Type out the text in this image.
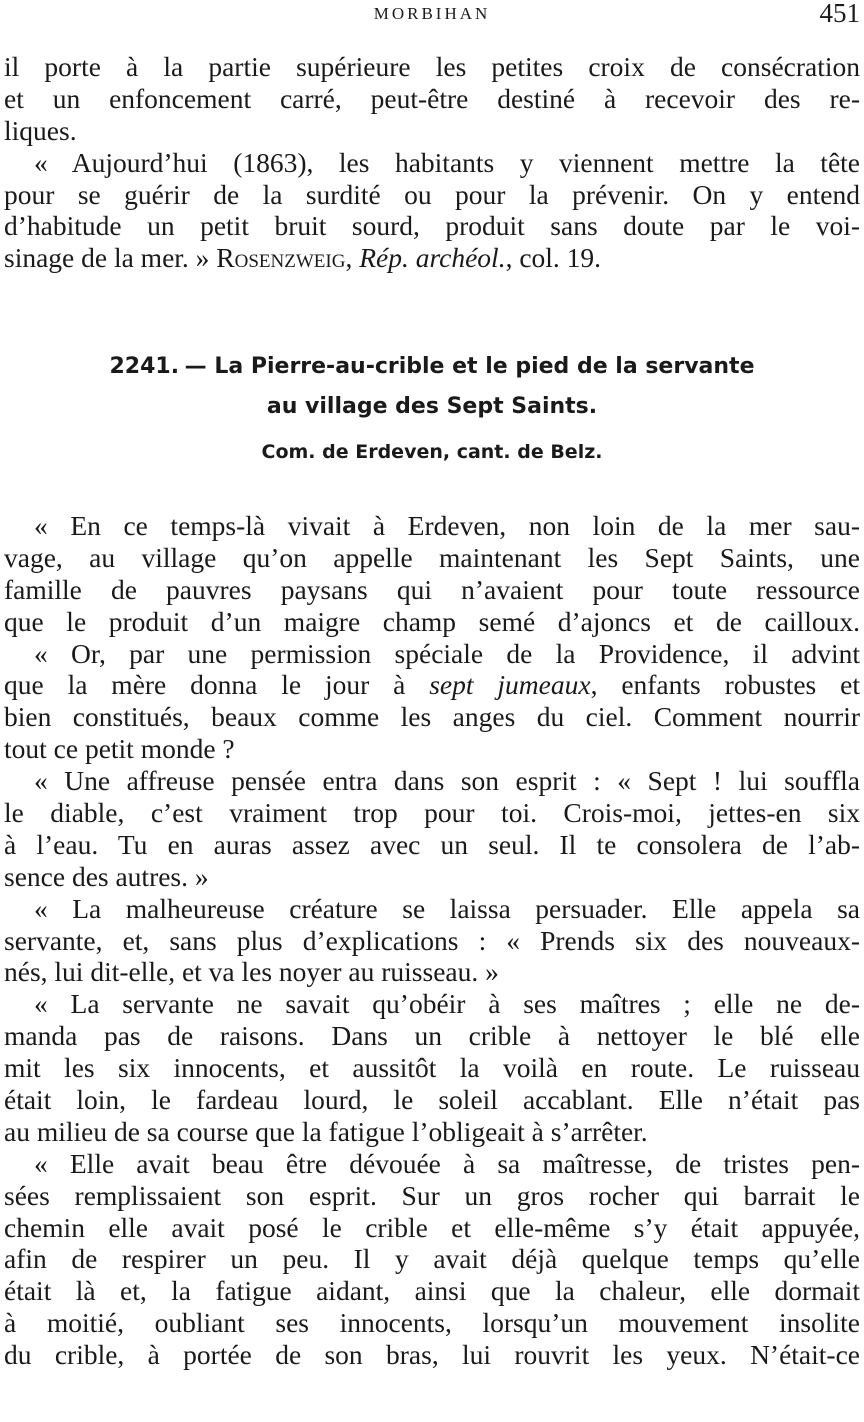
MORBIHAN	451
il porte à la partie supérieure les petites croix de consécration
et un enfoncement carré, peut-être destiné à recevoir des re-
liques.
« Aujourd’hui (1863), les habitants y viennent mettre la tête
pour se guérir de la surdité ou pour la prévenir. On y entend
d’habitude un petit bruit sourd, produit sans doute par le voi-
sinage de la mer. » Rosenzweig, Rép. archéol., col. 19.
2241. — La Pierre-au-crible et le pied de la servante
au village des Sept Saints.
Com. de Erdeven, cant. de Belz.
« En ce temps-là vivait à Erdeven, non loin de la mer sau-
vage, au village qu’on appelle maintenant les Sept Saints, une
famille de pauvres paysans qui n’avaient pour toute ressource
que le produit d’un maigre champ semé d’ajoncs et de cailloux.
« Or, par une permission spéciale de la Providence, il advint
que la mère donna le jour à sept jumeaux, enfants robustes et
bien constitués, beaux comme les anges du ciel. Comment nourrir
tout ce petit monde ?
« Une affreuse pensée entra dans son esprit : « Sept ! lui souffla
le diable, c’est vraiment trop pour toi. Crois-moi, jettes-en six
à l’eau. Tu en auras assez avec un seul. Il te consolera de l’ab-
sence des autres. »
« La malheureuse créature se laissa persuader. Elle appela sa
servante, et, sans plus d’explications : « Prends six des nouveaux-
nés, lui dit-elle, et va les noyer au ruisseau. »
« La servante ne savait qu’obéir à ses maîtres ; elle ne de-
manda pas de raisons. Dans un crible à nettoyer le blé elle
mit les six innocents, et aussitôt la voilà en route. Le ruisseau
était loin, le fardeau lourd, le soleil accablant. Elle n’était pas
au milieu de sa course que la fatigue l’obligeait à s’arrêter.
« Elle avait beau être dévouée à sa maîtresse, de tristes pen-
sées remplissaient son esprit. Sur un gros rocher qui barrait le
chemin elle avait posé le crible et elle-même s’y était appuyée,
afin de respirer un peu. Il y avait déjà quelque temps qu’elle
était là et, la fatigue aidant, ainsi que la chaleur, elle dormait
à moitié, oubliant ses innocents, lorsqu’un mouvement insolite
du crible, à portée de son bras, lui rouvrit les yeux. N’était-ce
